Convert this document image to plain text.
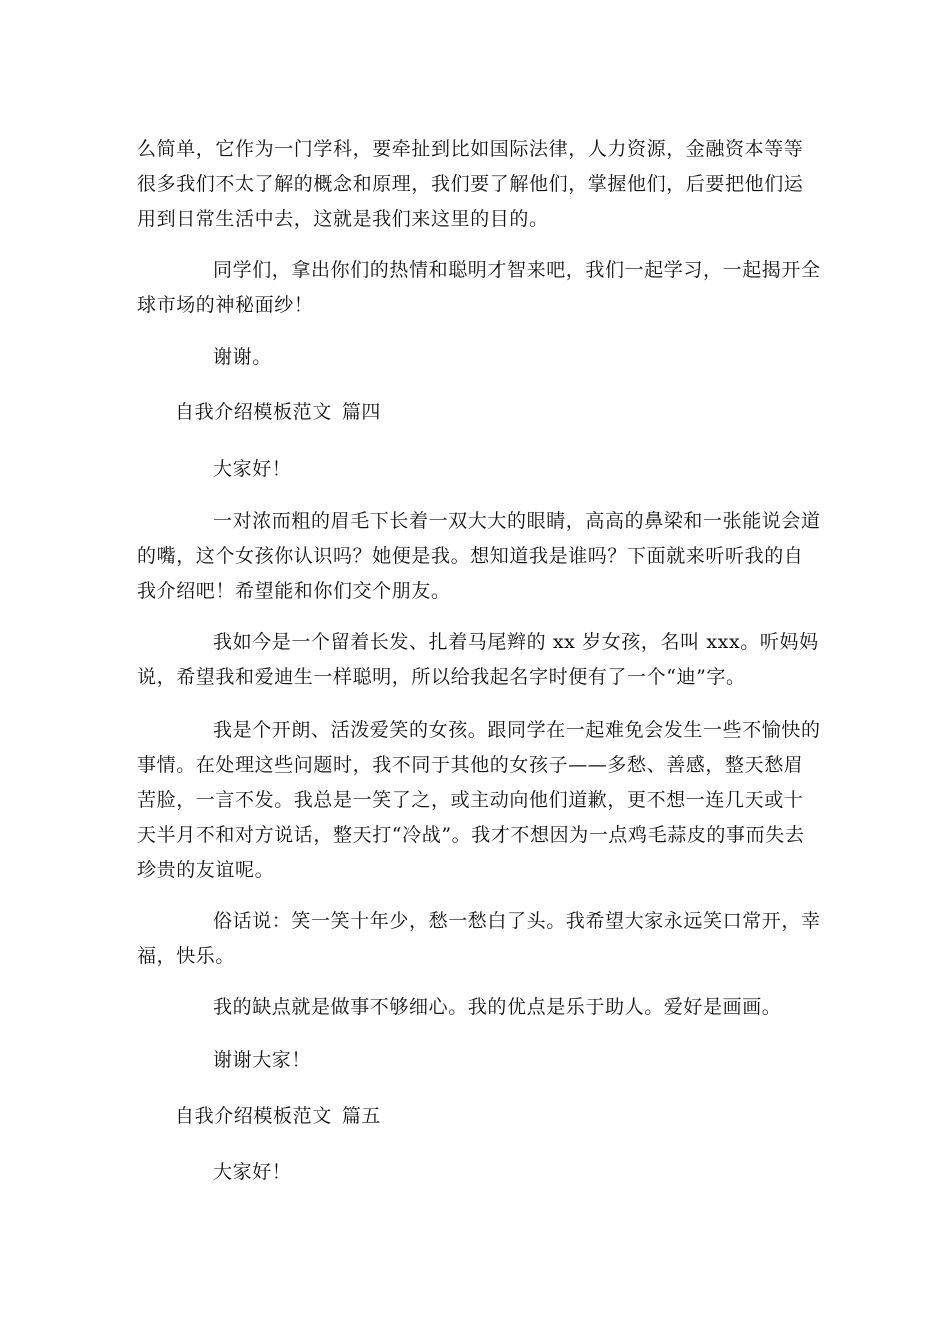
么简单，它作为一门学科，要牵扯到比如国际法律，人力资源，金融资本等等很多我们不太了解的概念和原理，我们要了解他们，掌握他们，后要把他们运用到日常生活中去，这就是我们来这里的目的。

同学们，拿出你们的热情和聪明才智来吧，我们一起学习，一起揭开全球市场的神秘面纱！

谢谢。

自我介绍模板范文 篇四

大家好！

一对浓而粗的眉毛下长着一双大大的眼睛，高高的鼻梁和一张能说会道的嘴，这个女孩你认识吗？她便是我。想知道我是谁吗？下面就来听听我的自我介绍吧！希望能和你们交个朋友。

我如今是一个留着长发、扎着马尾辫的 xx 岁女孩，名叫 xxx。听妈妈说，希望我和爱迪生一样聪明，所以给我起名字时便有了一个“迪”字。

我是个开朗、活泼爱笑的女孩。跟同学在一起难免会发生一些不愉快的事情。在处理这些问题时，我不同于其他的女孩子——多愁、善感，整天愁眉苦脸，一言不发。我总是一笑了之，或主动向他们道歉，更不想一连几天或十天半月不和对方说话，整天打“冷战”。我才不想因为一点鸡毛蒜皮的事而失去珍贵的友谊呢。

俗话说：笑一笑十年少，愁一愁白了头。我希望大家永远笑口常开，幸福，快乐。

我的缺点就是做事不够细心。我的优点是乐于助人。爱好是画画。

谢谢大家！

自我介绍模板范文 篇五

大家好！
